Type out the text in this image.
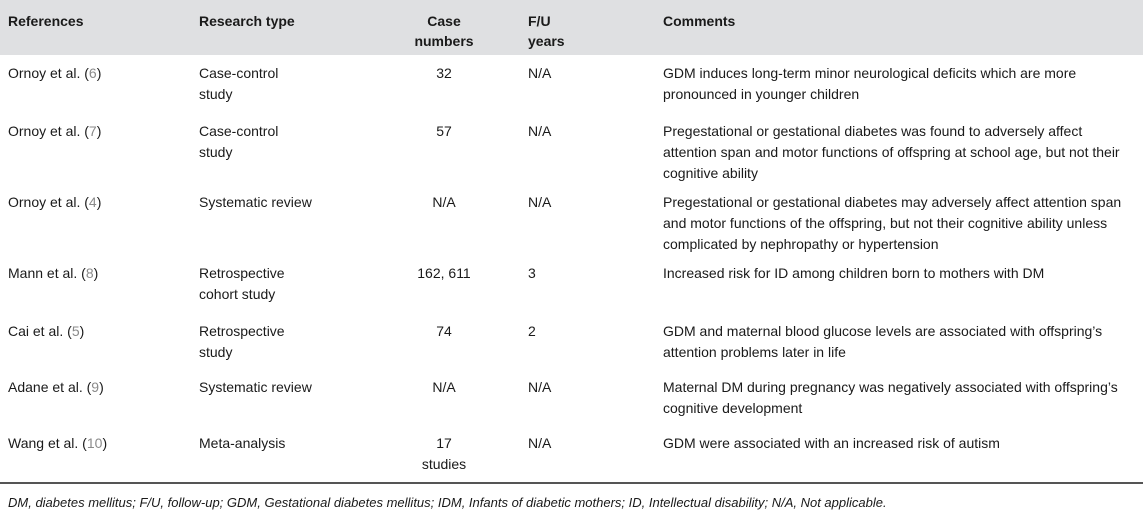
References	Research type	Case numbers	F/U years	Comments
Ornoy et al. (6)	Case-control study	32	N/A	GDM induces long-term minor neurological deficits which are more pronounced in younger children
Ornoy et al. (7)	Case-control study	57	N/A	Pregestational or gestational diabetes was found to adversely affect attention span and motor functions of offspring at school age, but not their cognitive ability
Ornoy et al. (4)	Systematic review	N/A	N/A	Pregestational or gestational diabetes may adversely affect attention span and motor functions of the offspring, but not their cognitive ability unless complicated by nephropathy or hypertension
Mann et al. (8)	Retrospective cohort study	162, 611	3	Increased risk for ID among children born to mothers with DM
Cai et al. (5)	Retrospective study	74	2	GDM and maternal blood glucose levels are associated with offspring’s attention problems later in life
Adane et al. (9)	Systematic review	N/A	N/A	Maternal DM during pregnancy was negatively associated with offspring’s cognitive development
Wang et al. (10)	Meta-analysis	17 studies	N/A	GDM were associated with an increased risk of autism
DM, diabetes mellitus; F/U, follow-up; GDM, Gestational diabetes mellitus; IDM, Infants of diabetic mothers; ID, Intellectual disability; N/A, Not applicable.
